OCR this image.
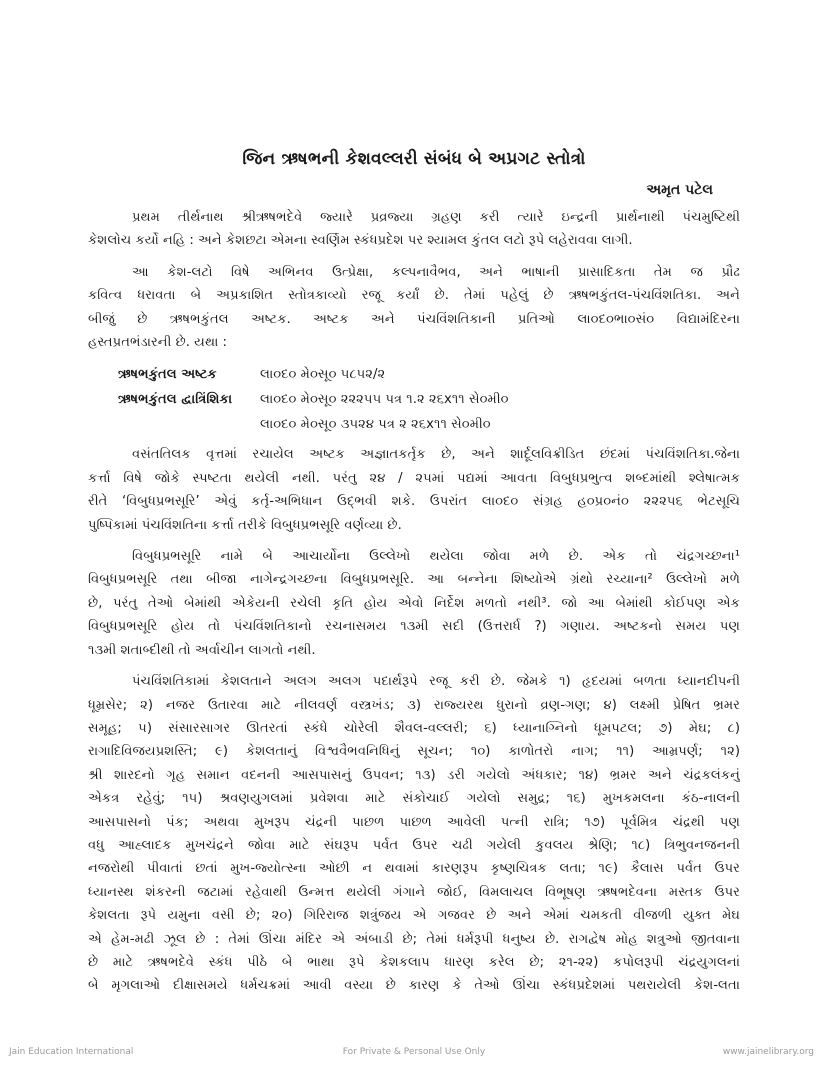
જિન ઋષભની કેશવલ્લરી સંબંધ બે અપ્રગટ સ્તોત્રો
અમૃત પટેલ

પ્રથમ તીર્થનાથ શ્રીઋષભદેવે જ્યારે પ્રવ્રજ્યા ગ્રહણ કરી ત્યારે ઇન્દ્રની પ્રાર્થનાથી પંચમુષ્ટિથી
કેશલોચ કર્યો નહિ : અને કેશછટા એમના સ્વર્ણિમ સ્કંધપ્રદેશ પર શ્યામલ કુંતલ લટો રૂપે લહેરાવવા લાગી.

આ કેશ-લટો વિષે અભિનવ ઉત્પ્રેક્ષા, કલ્પનાવૈભવ, અને ભાષાની પ્રાસાદિકતા તેમ જ પ્રૌઢ
કવિત્વ ધરાવતા બે અપ્રકાશિત સ્તોત્રકાવ્યો રજૂ કર્યાં છે. તેમાં પહેલું છે ઋષભકુંતલ-પંચવિંશતિકા. અને
બીજું છે ઋષભકુંતલ અષ્ટક. અષ્ટક અને પંચવિંશતિકાની પ્રતિઓ લા૦દ૦ભા૦સં૦ વિદ્યામંદિરના
હસ્તપ્રતભંડારની છે. યથા :

ઋષભકુંતલ અષ્ટક	લા૦દ૦ મે૦સૂ૦ ૫૮૫૨/૨
ઋષભકુંતલ દ્વાત્રિંશિકા	લા૦દ૦ મે૦સૂ૦ ૨૨૨૫૫ પત્ર ૧.૨ ૨૬x૧૧ સે૦મી૦
લા૦દ૦ મે૦સૂ૦ ૩૫૨૪ પત્ર ૨ ૨૬x૧૧ સે૦મી૦

વસંતતિલક વૃત્તમાં રચાયેલ અષ્ટક અજ્ઞાતકર્તૃક છે, અને શાર્દૂલવિક્રીડિત છંદમાં પંચવિંશતિકા.જેના
કર્ત્તા વિષે જોકે સ્પષ્ટતા થયેલી નથી. પરંતુ ૨૪ / ૨૫માં પદ્યમાં આવતા વિબુધપ્રભુત્વ શબ્દમાંથી શ્લેષાત્મક
રીતે ‘વિબુધપ્રભસૂરિ’ એવું કર્તૃ-અભિધાન ઉદ્ભવી શકે. ઉપરાંત લા૦દ૦ સંગ્રહ હ૦પ્ર૦નં૦ ૨૨૨૫૬ ભેટસૂચિ
પુષ્પિકામાં પંચવિંશતિના કર્ત્તા તરીકે વિબુધપ્રભસૂરિ વર્ણવ્યા છે.

વિબુધપ્રભસૂરિ નામે બે આચાર્યોના ઉલ્લેખો થયેલા જોવા મળે છે. એક તો ચંદ્રગચ્છના¹
વિબુધપ્રભસૂરિ તથા બીજા નાગેન્દ્રગચ્છના વિબુધપ્રભસૂરિ. આ બન્નેના શિષ્યોએ ગ્રંથો રચ્યાના² ઉલ્લેખો મળે
છે, પરંતુ તેઓ બેમાંથી એકેયની રચેલી કૃતિ હોય એવો નિર્દેશ મળતો નથી³. જો આ બેમાંથી કોઈપણ એક
વિબુધપ્રભસૂરિ હોય તો પંચવિંશતિકાનો રચનાસમય ૧૩મી સદી (ઉત્તરાર્ધ ?) ગણાય. અષ્ટકનો સમય પણ
૧૩મી શતાબ્દીથી તો અર્વાચીન લાગતો નથી.

પંચવિંશતિકામાં કેશલતાને અલગ અલગ પદાર્થરૂપે રજૂ કરી છે. જેમકે ૧) હૃદયમાં બળતા ધ્યાનદીપની
ધૂમ્રસેર; ૨) નજર ઉતારવા માટે નીલવર્ણ વસ્ત્રખંડ; ૩) રાજ્યરથ ધુરાનો વ્રણ-ગણ; ૪) લક્ષ્મી પ્રેષિત ભ્રમર
સમૂહ; ૫) સંસારસાગર ઊતરતાં સ્કંધે ચોરેલી શૈવલ-વલ્લરી; ૬) ધ્યાનાગ્નિનો ધૂમપટલ; ૭) મેઘ; ૮)
રાગાદિવિજયપ્રશસ્તિ; ૯) કેશલતાનું વિશ્વવૈભવનિધિનું સૂચન; ૧૦) કાળોતરો નાગ; ૧૧) આમ્રપર્ણ; ૧૨)
શ્રી શારદનો ગૃહ સમાન વદનની આસપાસનું ઉપવન; ૧૩) ડરી ગયેલો અંધકાર; ૧૪) ભ્રમર અને ચંદ્રકલંકનું
એકત્ર રહેવું; ૧૫) શ્રવણયુગલમાં પ્રવેશવા માટે સંકોચાઈ ગયેલો સમુદ્ર; ૧૬) મુખકમલના કંઠ-નાલની
આસપાસનો પંક; અથવા મુખરૂપ ચંદ્રની પાછળ પાછળ આવેલી પત્ની રાત્રિ; ૧૭) પૂર્વમિત્ર ચંદ્રથી પણ
વધુ આહ્લાદક મુખચંદ્રને જોવા માટે સંઘરૂપ પર્વત ઉપર ચઢી ગયેલી કુવલય શ્રેણિ; ૧૮) ત્રિભુવનજનની
નજરોથી પીવાતાં છતાં મુખ-જ્યોત્સ્ના ઓછી ન થવામાં કારણરૂપ કૃષ્ણચિત્રક લતા; ૧૯) કૈલાસ પર્વત ઉપર
ધ્યાનસ્થ શંકરની જટામાં રહેવાથી ઉન્મત્ત થયેલી ગંગાને જોઈ, વિમલાચલ વિભૂષણ ઋષભદેવના મસ્તક ઉપર
કેશલતા રૂપે યમુના વસી છે; ૨૦) ગિરિરાજ શત્રુંજય એ ગજવર છે અને એમાં ચમકતી વીજળી યુક્ત મેઘ
એ હેમ-મઢી ઝૂલ છે : તેમાં ઊંચા મંદિર એ અંબાડી છે; તેમાં ધર્મરૂપી ધનુષ્ય છે. રાગદ્વેષ મોહ શત્રુઓ જીતવાના
છે માટે ઋષભદેવે સ્કંધ પીઠે બે ભાથા રૂપે કેશકલાપ ધારણ કરેલ છે; ૨૧-૨૨) કપોલરૂપી ચંદ્રયુગલનાં
બે મૃગલાઓ દીક્ષાસમયે ધર્મચક્રમાં આવી વસ્યા છે કારણ કે તેઓ ઊંચા સ્કંધપ્રદેશમાં પથરાયેલી કેશ-લતા

Jain Education International	For Private & Personal Use Only	www.jainelibrary.org
